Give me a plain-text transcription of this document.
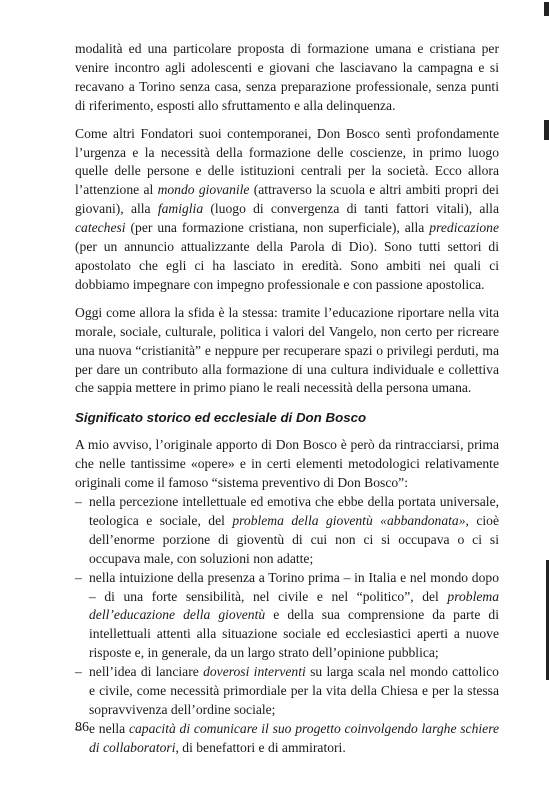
modalità ed una particolare proposta di formazione umana e cristiana per venire incontro agli adolescenti e giovani che lasciavano la campagna e si recavano a Torino senza casa, senza preparazione professionale, senza punti di riferimento, esposti allo sfruttamento e alla delinquenza.

Come altri Fondatori suoi contemporanei, Don Bosco sentì profondamente l’urgenza e la necessità della formazione delle coscienze, in primo luogo quelle delle persone e delle istituzioni centrali per la società. Ecco allora l’attenzione al mondo giovanile (attraverso la scuola e altri ambiti propri dei giovani), alla famiglia (luogo di convergenza di tanti fattori vitali), alla catechesi (per una formazione cristiana, non superficiale), alla predicazione (per un annuncio attualizzante della Parola di Dio). Sono tutti settori di apostolato che egli ci ha lasciato in eredità. Sono ambiti nei quali ci dobbiamo impegnare con impegno professionale e con passione apostolica.

Oggi come allora la sfida è la stessa: tramite l’educazione riportare nella vita morale, sociale, culturale, politica i valori del Vangelo, non certo per ricreare una nuova “cristianità” e neppure per recuperare spazi o privilegi perduti, ma per dare un contributo alla formazione di una cultura individuale e collettiva che sappia mettere in primo piano le reali necessità della persona umana.

Significato storico ed ecclesiale di Don Bosco

A mio avviso, l’originale apporto di Don Bosco è però da rintracciarsi, prima che nelle tantissime «opere» e in certi elementi metodologici relativamente originali come il famoso “sistema preventivo di Don Bosco”:

– nella percezione intellettuale ed emotiva che ebbe della portata universale, teologica e sociale, del problema della gioventù «abbandonata», cioè dell’enorme porzione di gioventù di cui non ci si occupava o ci si occupava male, con soluzioni non adatte;
– nella intuizione della presenza a Torino prima – in Italia e nel mondo dopo – di una forte sensibilità, nel civile e nel “politico”, del problema dell’educazione della gioventù e della sua comprensione da parte di intellettuali attenti alla situazione sociale ed ecclesiastici aperti a nuove risposte e, in generale, da un largo strato dell’opinione pubblica;
– nell’idea di lanciare doverosi interventi su larga scala nel mondo cattolico e civile, come necessità primordiale per la vita della Chiesa e per la stessa sopravvivenza dell’ordine sociale;
– e nella capacità di comunicare il suo progetto coinvolgendo larghe schiere di collaboratori, di benefattori e di ammiratori.
86
